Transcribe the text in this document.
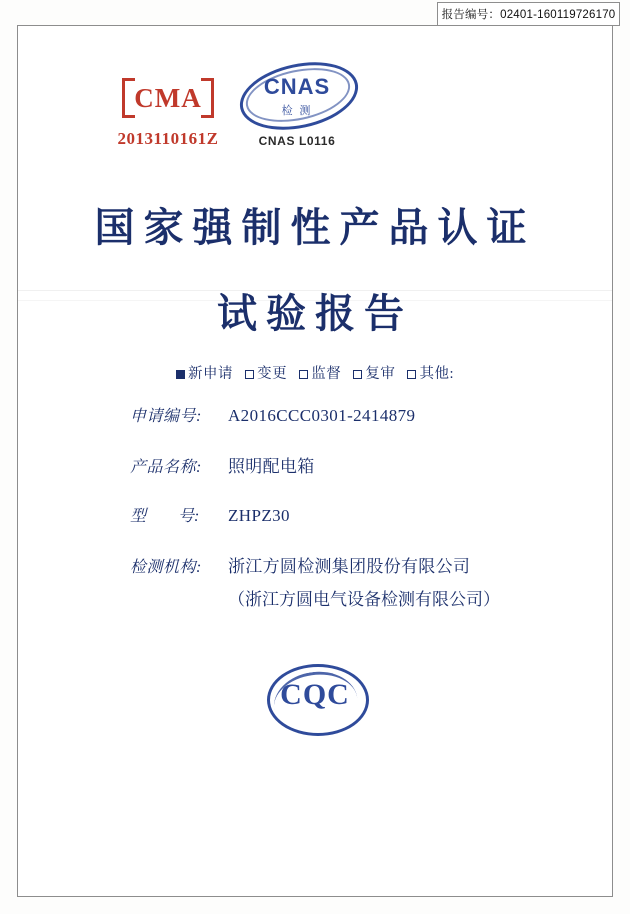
报告编号：02401-160119726170
CMA
2013110161Z
CNAS
检 测
CNAS L0116
国家强制性产品认证
试验报告
新申请 变更 监督 复审 其他:
申请编号:	A2016CCC0301-2414879
产品名称:	照明配电箱
型　　号:	ZHPZ30
检测机构:	浙江方圆检测集团股份有限公司
（浙江方圆电气设备检测有限公司）
CQC
